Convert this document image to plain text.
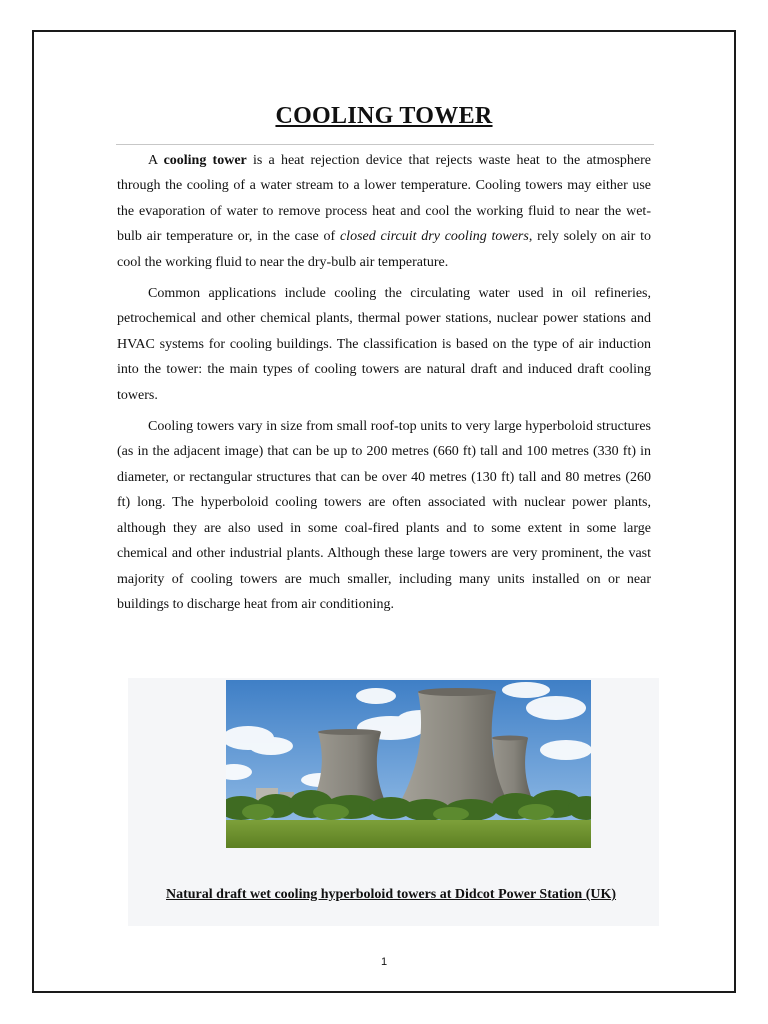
COOLING TOWER

A cooling tower is a heat rejection device that rejects waste heat to the atmosphere through the cooling of a water stream to a lower temperature. Cooling towers may either use the evaporation of water to remove process heat and cool the working fluid to near the wet-bulb air temperature or, in the case of closed circuit dry cooling towers, rely solely on air to cool the working fluid to near the dry-bulb air temperature.

Common applications include cooling the circulating water used in oil refineries, petrochemical and other chemical plants, thermal power stations, nuclear power stations and HVAC systems for cooling buildings. The classification is based on the type of air induction into the tower: the main types of cooling towers are natural draft and induced draft cooling towers.

Cooling towers vary in size from small roof-top units to very large hyperboloid structures (as in the adjacent image) that can be up to 200 metres (660 ft) tall and 100 metres (330 ft) in diameter, or rectangular structures that can be over 40 metres (130 ft) tall and 80 metres (260 ft) long. The hyperboloid cooling towers are often associated with nuclear power plants, although they are also used in some coal-fired plants and to some extent in some large chemical and other industrial plants. Although these large towers are very prominent, the vast majority of cooling towers are much smaller, including many units installed on or near buildings to discharge heat from air conditioning.

Natural draft wet cooling hyperboloid towers at Didcot Power Station (UK)

1
